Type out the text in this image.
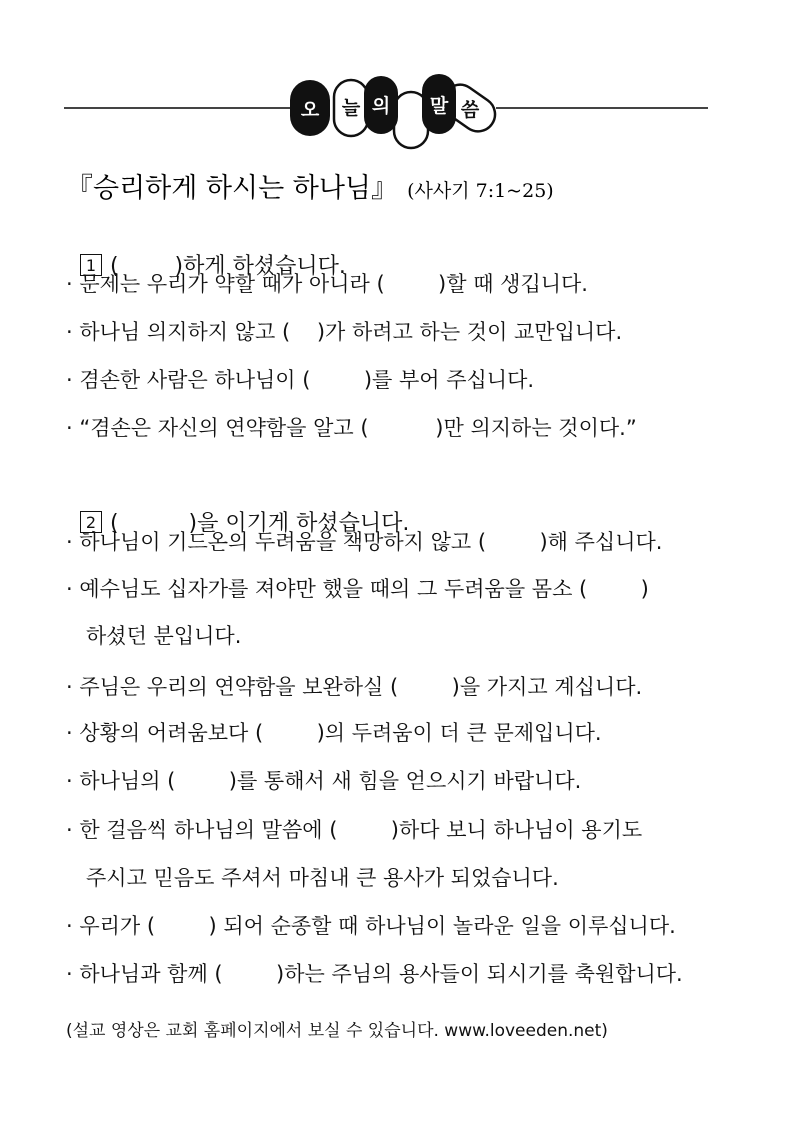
오 늘 의 말 씀
『승리하게 하시는 하나님』 (사사기 7:1~25)

1 (        )하게 하셨습니다.

· 문제는 우리가 약할 때가 아니라 (        )할 때 생깁니다.
· 하나님 의지하지 않고 (    )가 하려고 하는 것이 교만입니다.
· 겸손한 사람은 하나님이 (        )를 부어 주십니다.
· “겸손은 자신의 연약함을 알고 (          )만 의지하는 것이다.”

2 (          )을 이기게 하셨습니다.

· 하나님이 기드온의 두려움을 책망하지 않고 (        )해 주십니다.
· 예수님도 십자가를 져야만 했을 때의 그 두려움을 몸소 (        )
하셨던 분입니다.
· 주님은 우리의 연약함을 보완하실 (        )을 가지고 계십니다.
· 상황의 어려움보다 (        )의 두려움이 더 큰 문제입니다.
· 하나님의 (        )를 통해서 새 힘을 얻으시기 바랍니다.
· 한 걸음씩 하나님의 말씀에 (        )하다 보니 하나님이 용기도
주시고 믿음도 주셔서 마침내 큰 용사가 되었습니다.
· 우리가 (        ) 되어 순종할 때 하나님이 놀라운 일을 이루십니다.
· 하나님과 함께 (        )하는 주님의 용사들이 되시기를 축원합니다.
(설교 영상은 교회 홈페이지에서 보실 수 있습니다. www.loveeden.net)
